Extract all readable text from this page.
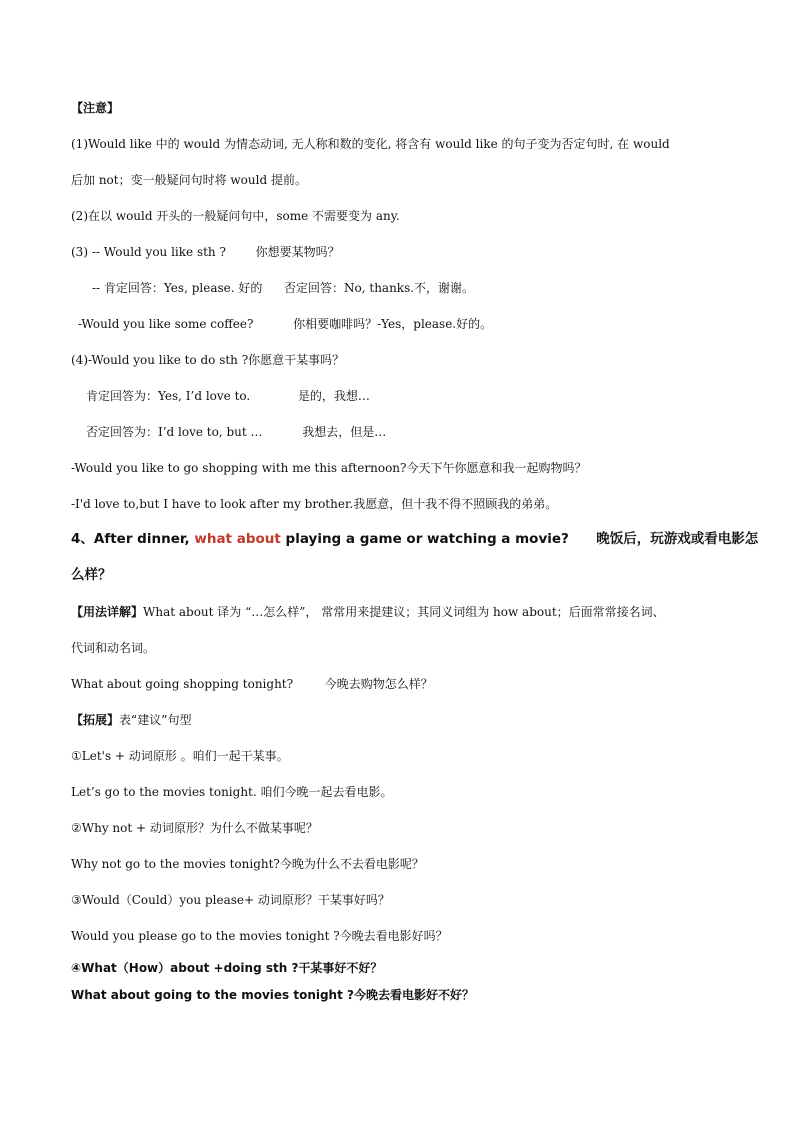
【注意】
(1)Would like 中的 would 为情态动词, 无人称和数的变化, 将含有 would like 的句子变为否定句时, 在 would
后加 not；变一般疑问句时将 would 提前。
(2)在以 would 开头的一般疑问句中，some 不需要变为 any.
(3) -- Would you like sth ? 你想要某物吗？
-- 肯定回答：Yes, please. 好的 否定回答：No, thanks.不，谢谢。
-Would you like some coffee?	你相要咖啡吗？-Yes，please.好的。
(4)-Would you like to do sth ?你愿意干某事吗？
肯定回答为：Yes, I’d love to.	是的，我想…
否定回答为：I’d love to, but …	我想去，但是…
-Would you like to go shopping with me this afternoon?今天下午你愿意和我一起购物吗？
-I'd love to,but I have to look after my brother.我愿意，但十我不得不照顾我的弟弟。
4、After dinner, what about playing a game or watching a movie? 晚饭后，玩游戏或看电影怎
么样？
【用法详解】What about 译为 “…怎么样”， 常常用来提建议；其同义词组为 how about；后面常常接名词、
代词和动名词。
What about going shopping tonight?	今晚去购物怎么样？
【拓展】表“建议”句型
①Let's + 动词原形 。咱们一起干某事。
Let’s go to the movies tonight. 咱们今晚一起去看电影。
②Why not + 动词原形？为什么不做某事呢？
Why not go to the movies tonight?今晚为什么不去看电影呢？
③Would（Could）you please+ 动词原形？干某事好吗？
Would you please go to the movies tonight ?今晚去看电影好吗？
④What（How）about +doing sth ?干某事好不好？
What about going to the movies tonight ?今晚去看电影好不好？
